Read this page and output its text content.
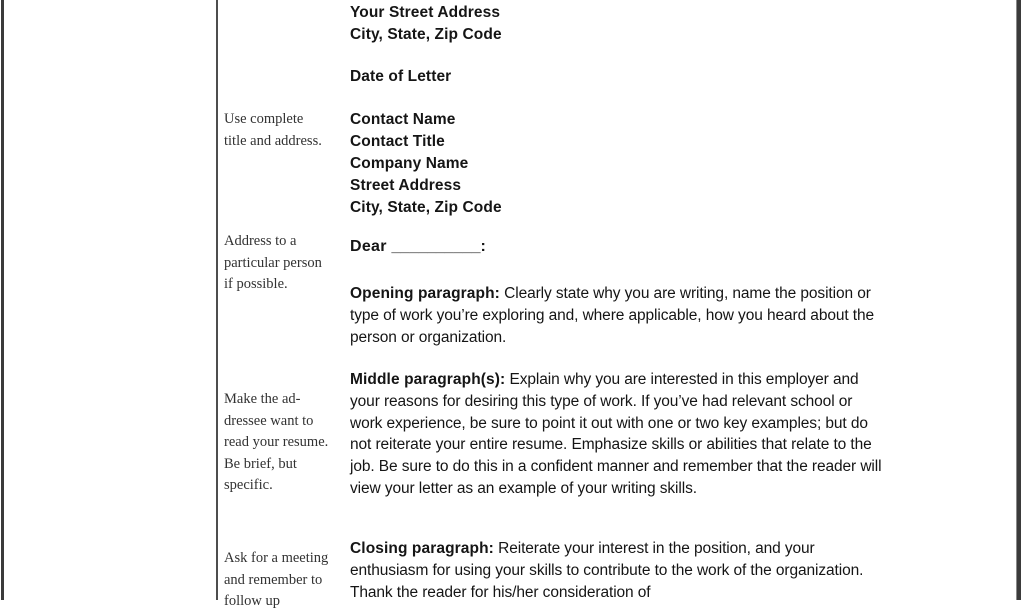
Use complete
title and address.
Address to a
particular person
if possible.
Make the ad-
dressee want to
read your resume.
Be brief, but
specific.
Ask for a meeting
and remember to
follow up
Your Street Address
City, State, Zip Code
Date of Letter
Contact Name
Contact Title
Company Name
Street Address
City, State, Zip Code
Dear __________:
Opening paragraph: Clearly state why you are writing, name the position or type of work you’re exploring and, where applicable, how you heard about the person or organization.
Middle paragraph(s): Explain why you are interested in this employer and your reasons for desiring this type of work. If you’ve had relevant school or work experience, be sure to point it out with one or two key examples; but do not reiterate your entire resume. Emphasize skills or abilities that relate to the job. Be sure to do this in a confident manner and remember that the reader will view your letter as an example of your writing skills.
Closing paragraph: Reiterate your interest in the position, and your enthusiasm for using your skills to contribute to the work of the organization. Thank the reader for his/her consideration of
